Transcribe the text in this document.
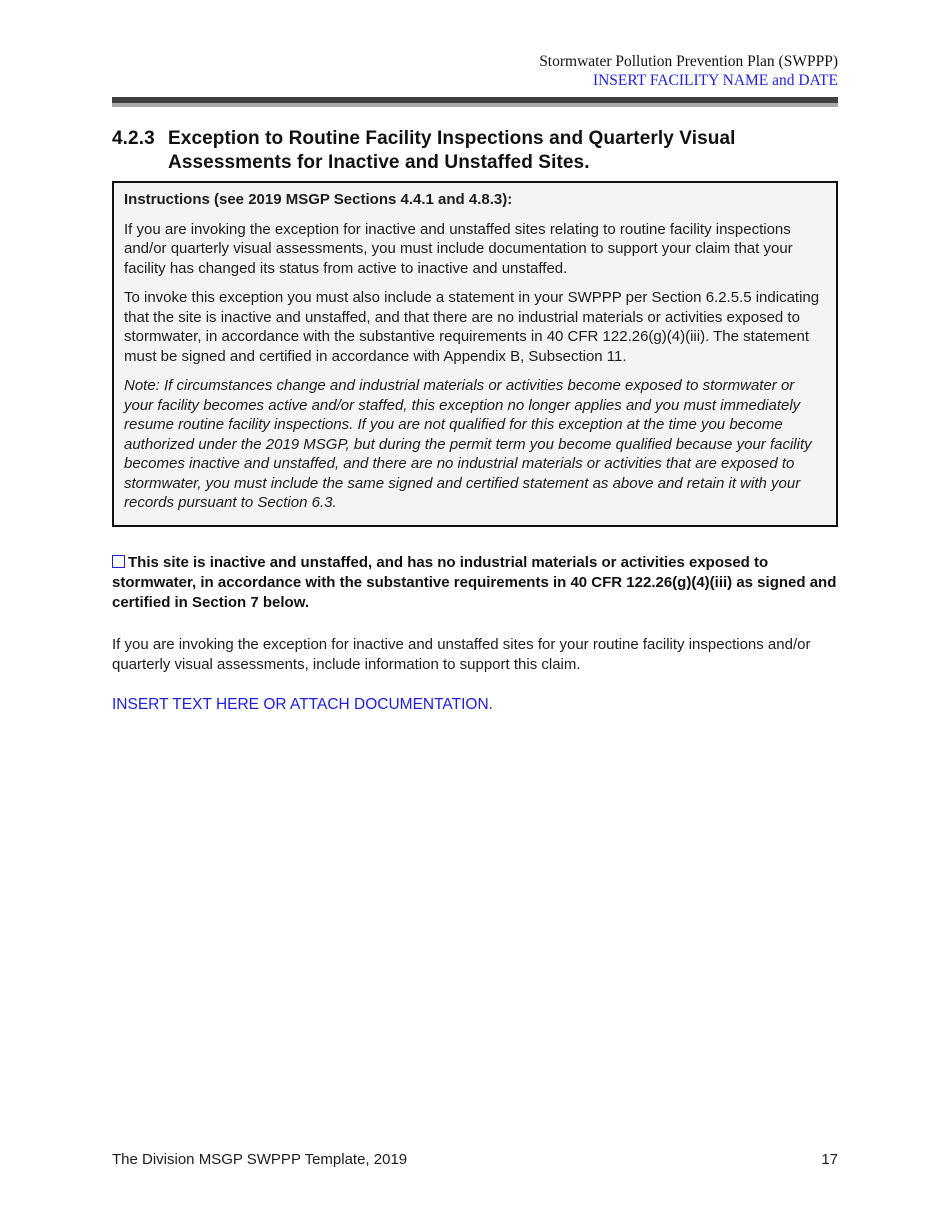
Stormwater Pollution Prevention Plan (SWPPP)
INSERT FACILITY NAME and DATE
4.2.3 Exception to Routine Facility Inspections and Quarterly Visual
Assessments for Inactive and Unstaffed Sites.

Instructions (see 2019 MSGP Sections 4.4.1 and 4.8.3):

If you are invoking the exception for inactive and unstaffed sites relating to routine facility inspections and/or quarterly visual assessments, you must include documentation to support your claim that your facility has changed its status from active to inactive and unstaffed.

To invoke this exception you must also include a statement in your SWPPP per Section 6.2.5.5 indicating that the site is inactive and unstaffed, and that there are no industrial materials or activities exposed to stormwater, in accordance with the substantive requirements in 40 CFR 122.26(g)(4)(iii). The statement must be signed and certified in accordance with Appendix B, Subsection 11.

Note: If circumstances change and industrial materials or activities become exposed to stormwater or your facility becomes active and/or staffed, this exception no longer applies and you must immediately resume routine facility inspections. If you are not qualified for this exception at the time you become authorized under the 2019 MSGP, but during the permit term you become qualified because your facility becomes inactive and unstaffed, and there are no industrial materials or activities that are exposed to stormwater, you must include the same signed and certified statement as above and retain it with your records pursuant to Section 6.3.

This site is inactive and unstaffed, and has no industrial materials or activities exposed to stormwater, in accordance with the substantive requirements in 40 CFR 122.26(g)(4)(iii) as signed and certified in Section 7 below.
If you are invoking the exception for inactive and unstaffed sites for your routine facility inspections and/or quarterly visual assessments, include information to support this claim.
INSERT TEXT HERE OR ATTACH DOCUMENTATION.
The Division MSGP SWPPP Template, 2019	17
